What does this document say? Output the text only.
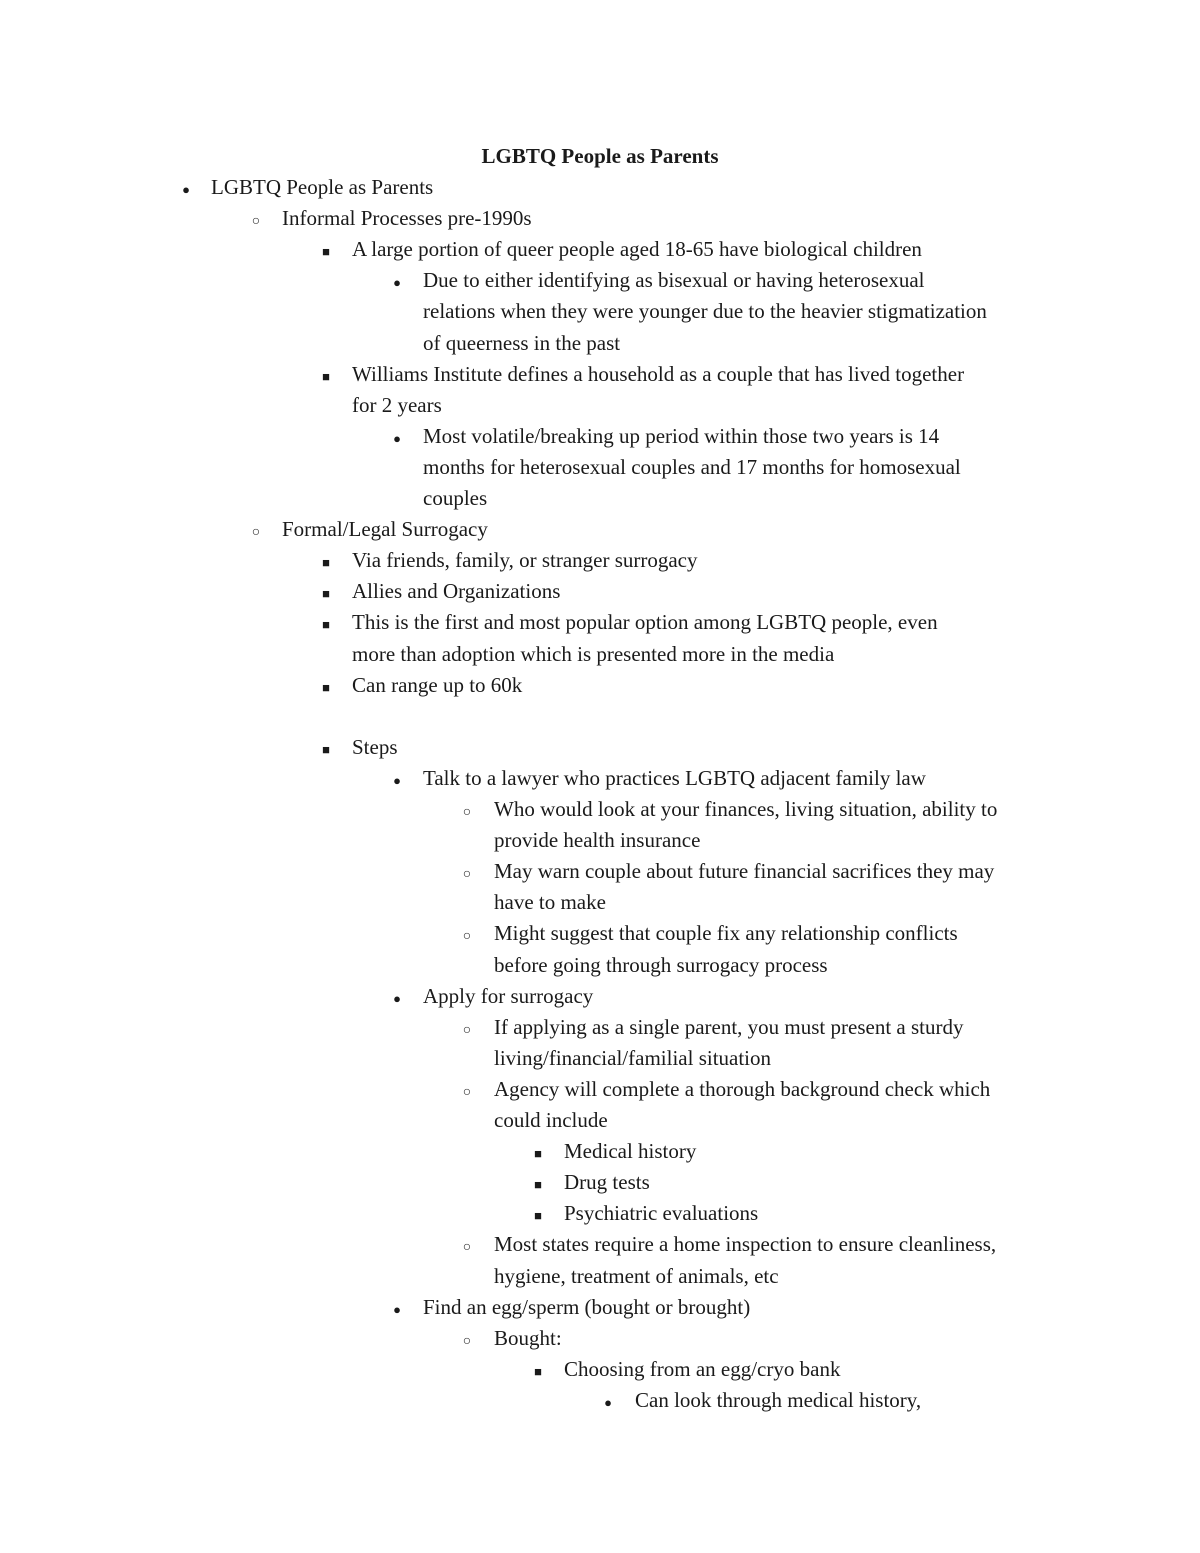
LGBTQ People as Parents
●
LGBTQ People as Parents
○
Informal Processes pre-1990s
■
A large portion of queer people aged 18-65 have biological children
●
Due to either identifying as bisexual or having heterosexual
relations when they were younger due to the heavier stigmatization
of queerness in the past
■
Williams Institute defines a household as a couple that has lived together
for 2 years
●
Most volatile/breaking up period within those two years is 14
months for heterosexual couples and 17 months for homosexual
couples
○
Formal/Legal Surrogacy
■
Via friends, family, or stranger surrogacy
■
Allies and Organizations
■
This is the first and most popular option among LGBTQ people, even
more than adoption which is presented more in the media
■
Can range up to 60k
■
Steps
●
Talk to a lawyer who practices LGBTQ adjacent family law
○
Who would look at your finances, living situation, ability to
provide health insurance
○
May warn couple about future financial sacrifices they may
have to make
○
Might suggest that couple fix any relationship conflicts
before going through surrogacy process
●
Apply for surrogacy
○
If applying as a single parent, you must present a sturdy
living/financial/familial situation
○
Agency will complete a thorough background check which
could include
■
Medical history
■
Drug tests
■
Psychiatric evaluations
○
Most states require a home inspection to ensure cleanliness,
hygiene, treatment of animals, etc
●
Find an egg/sperm (bought or brought)
○
Bought:
■
Choosing from an egg/cryo bank
●
Can look through medical history,
